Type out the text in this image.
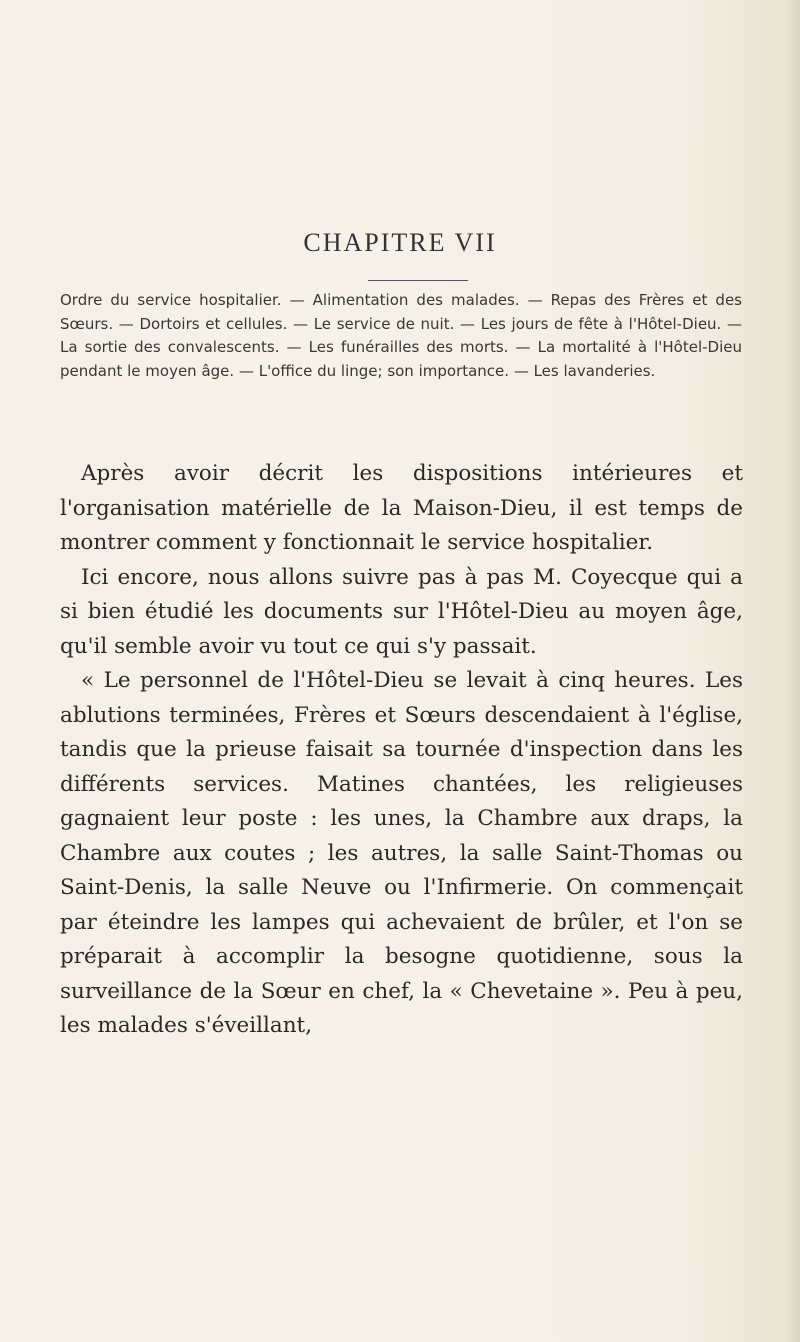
CHAPITRE VII

Ordre du service hospitalier. — Alimentation des malades. — Repas des Frères et des Sœurs. — Dortoirs et cellules. — Le service de nuit. — Les jours de fête à l'Hôtel-Dieu. — La sortie des convalescents. — Les funérailles des morts. — La mortalité à l'Hôtel-Dieu pendant le moyen âge. — L'office du linge; son importance. — Les lavanderies.

Après avoir décrit les dispositions intérieures et l'organisation matérielle de la Maison-Dieu, il est temps de montrer comment y fonctionnait le service hospitalier.

Ici encore, nous allons suivre pas à pas M. Coyecque qui a si bien étudié les documents sur l'Hôtel-Dieu au moyen âge, qu'il semble avoir vu tout ce qui s'y passait.

« Le personnel de l'Hôtel-Dieu se levait à cinq heures. Les ablutions terminées, Frères et Sœurs descendaient à l'église, tandis que la prieuse faisait sa tournée d'inspection dans les différents services. Matines chantées, les religieuses gagnaient leur poste : les unes, la Chambre aux draps, la Chambre aux coutes ; les autres, la salle Saint-Thomas ou Saint-Denis, la salle Neuve ou l'Infirmerie. On commençait par éteindre les lampes qui achevaient de brûler, et l'on se préparait à accomplir la besogne quotidienne, sous la surveillance de la Sœur en chef, la « Chevetaine ». Peu à peu, les malades s'éveillant,
